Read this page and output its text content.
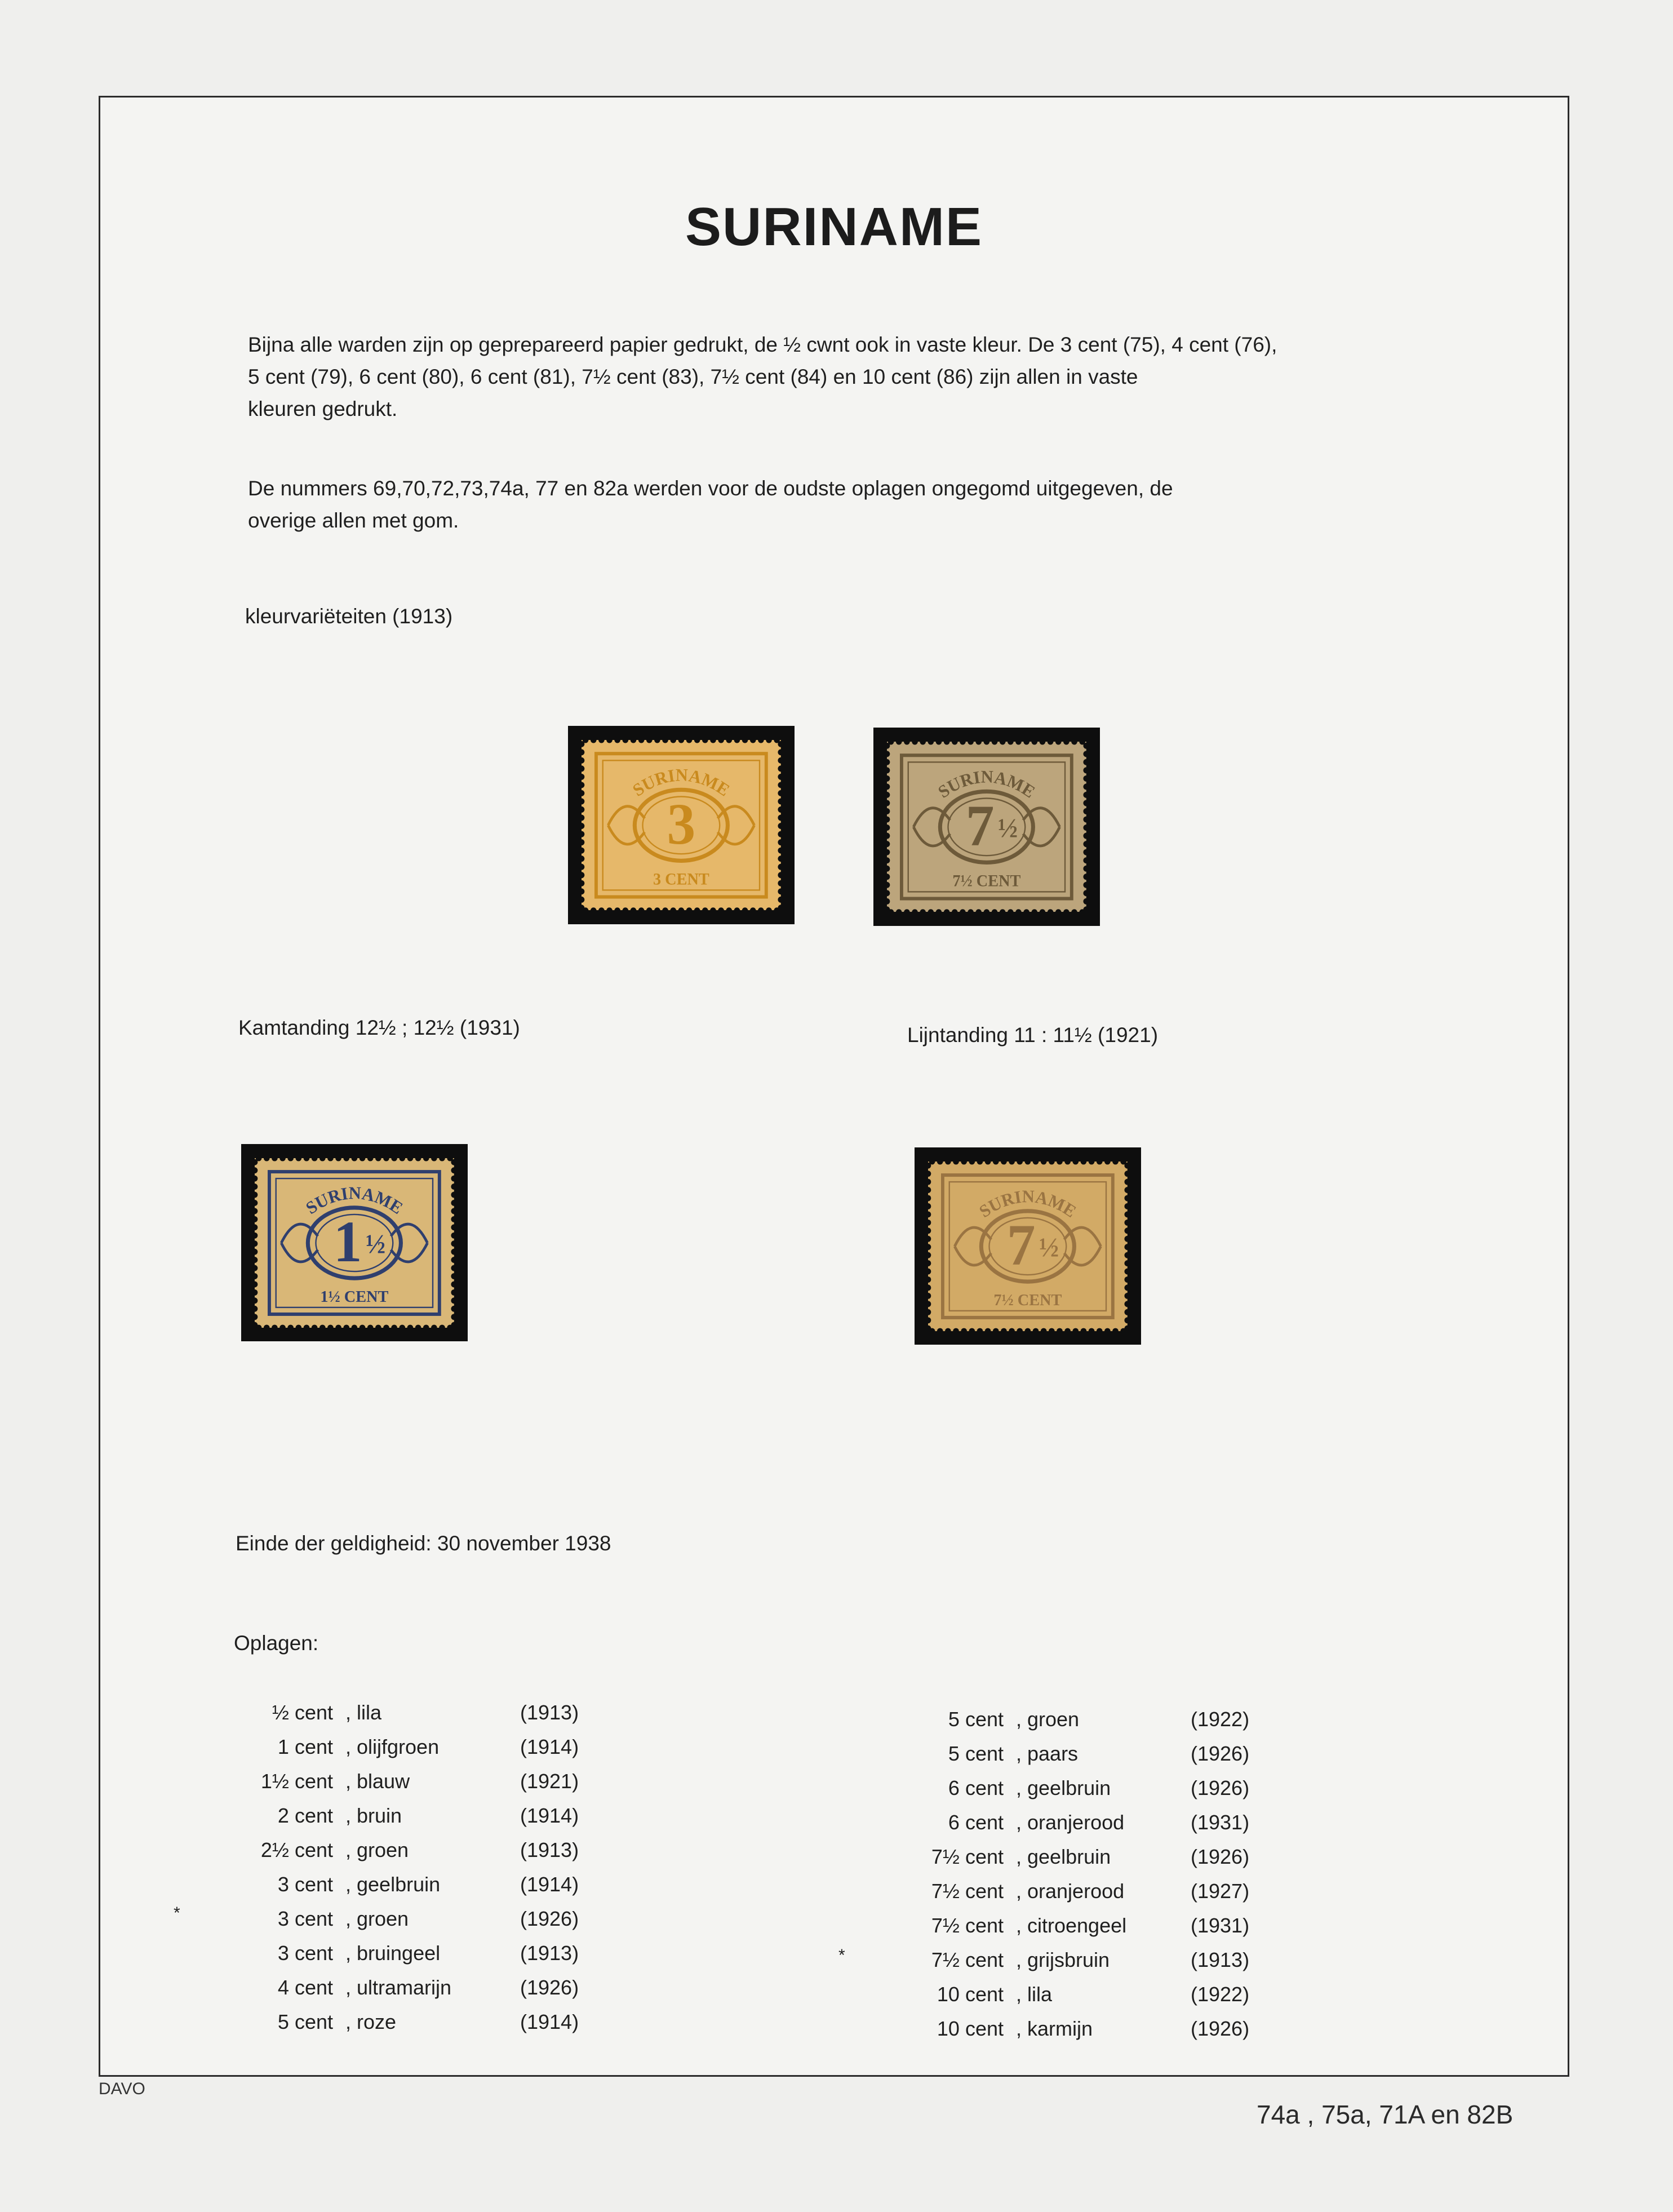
SURINAME
Bijna alle warden zijn op geprepareerd papier gedrukt, de ½ cwnt ook in vaste kleur. De 3 cent (75), 4 cent (76),
5 cent (79), 6 cent (80), 6 cent (81), 7½ cent (83), 7½ cent (84) en 10 cent (86) zijn allen in vaste
kleuren gedrukt.
De nummers 69,70,72,73,74a, 77 en 82a werden voor de oudste oplagen ongegomd uitgegeven, de
overige allen met gom.
kleurvariëteiten (1913)
SURINAME
3
3 CENT
SURINAME
7 ½
7½ CENT
Kamtanding 12½ ; 12½ (1931)	Lijntanding 11 : 11½ (1921)
SURINAME
1 ½
1½ CENT
SURINAME
7 ½
7½ CENT
Einde der geldigheid: 30 november 1938
Oplagen:
½ cent , lila	(1913)
1 cent , olijfgroen	(1914)
1½ cent , blauw	(1921)
2 cent , bruin	(1914)
2½ cent , groen	(1913)
3 cent , geelbruin	(1914)
3 cent , groen	(1926)
3 cent , bruingeel	(1913)
4 cent , ultramarijn	(1926)
5 cent , roze	(1914)
5 cent , groen	(1922)
5 cent , paars	(1926)
6 cent , geelbruin	(1926)
6 cent , oranjerood	(1931)
7½ cent , geelbruin	(1926)
7½ cent , oranjerood	(1927)
7½ cent , citroengeel	(1931)
7½ cent , grijsbruin	(1913)
10 cent , lila	(1922)
10 cent , karmijn	(1926)
*
*
DAVO
74a , 75a, 71A en 82B
